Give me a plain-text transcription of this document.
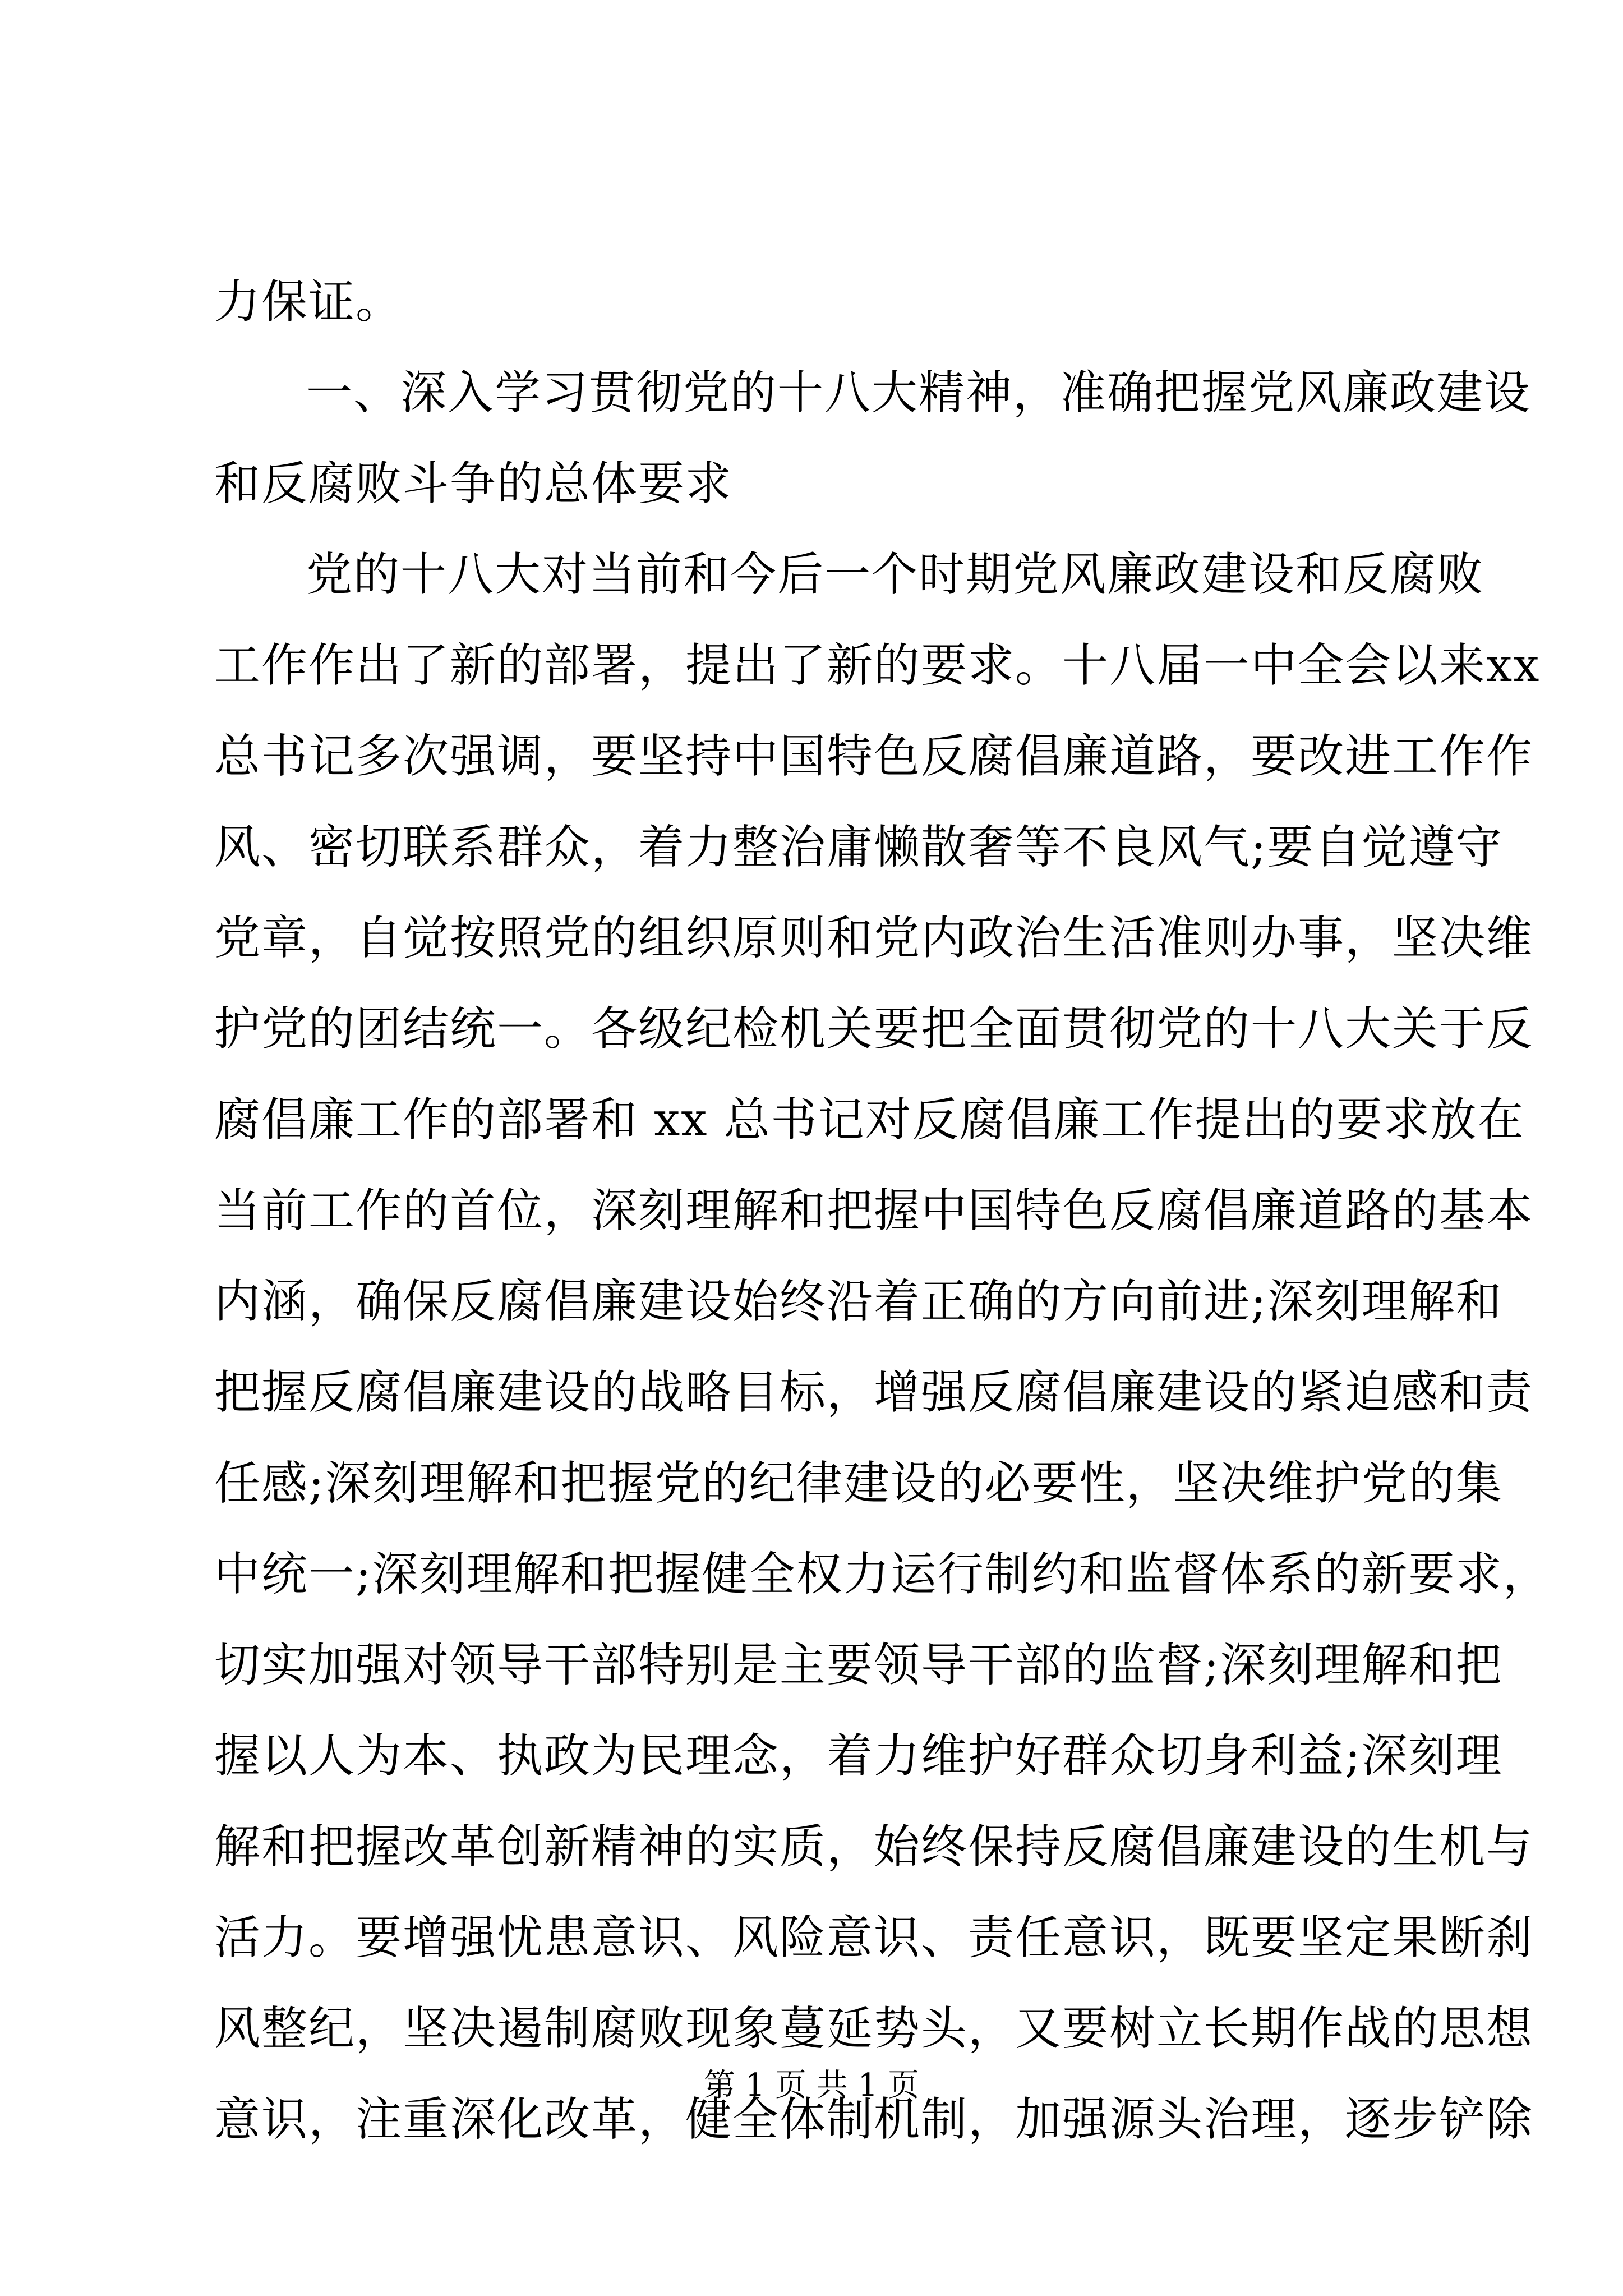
力保证。
一、深入学习贯彻党的十八大精神，准确把握党风廉政建设
和反腐败斗争的总体要求
党的十八大对当前和今后一个时期党风廉政建设和反腐败
工作作出了新的部署，提出了新的要求。十八届一中全会以来xx
总书记多次强调，要坚持中国特色反腐倡廉道路，要改进工作作
风、密切联系群众，着力整治庸懒散奢等不良风气;要自觉遵守
党章，自觉按照党的组织原则和党内政治生活准则办事，坚决维
护党的团结统一。各级纪检机关要把全面贯彻党的十八大关于反
腐倡廉工作的部署和 xx 总书记对反腐倡廉工作提出的要求放在
当前工作的首位，深刻理解和把握中国特色反腐倡廉道路的基本
内涵，确保反腐倡廉建设始终沿着正确的方向前进;深刻理解和
把握反腐倡廉建设的战略目标，增强反腐倡廉建设的紧迫感和责
任感;深刻理解和把握党的纪律建设的必要性，坚决维护党的集
中统一;深刻理解和把握健全权力运行制约和监督体系的新要求，
切实加强对领导干部特别是主要领导干部的监督;深刻理解和把
握以人为本、执政为民理念，着力维护好群众切身利益;深刻理
解和把握改革创新精神的实质，始终保持反腐倡廉建设的生机与
活力。要增强忧患意识、风险意识、责任意识，既要坚定果断刹
风整纪，坚决遏制腐败现象蔓延势头，又要树立长期作战的思想
意识，注重深化改革，健全体制机制，加强源头治理，逐步铲除
第 1 页 共 1 页
